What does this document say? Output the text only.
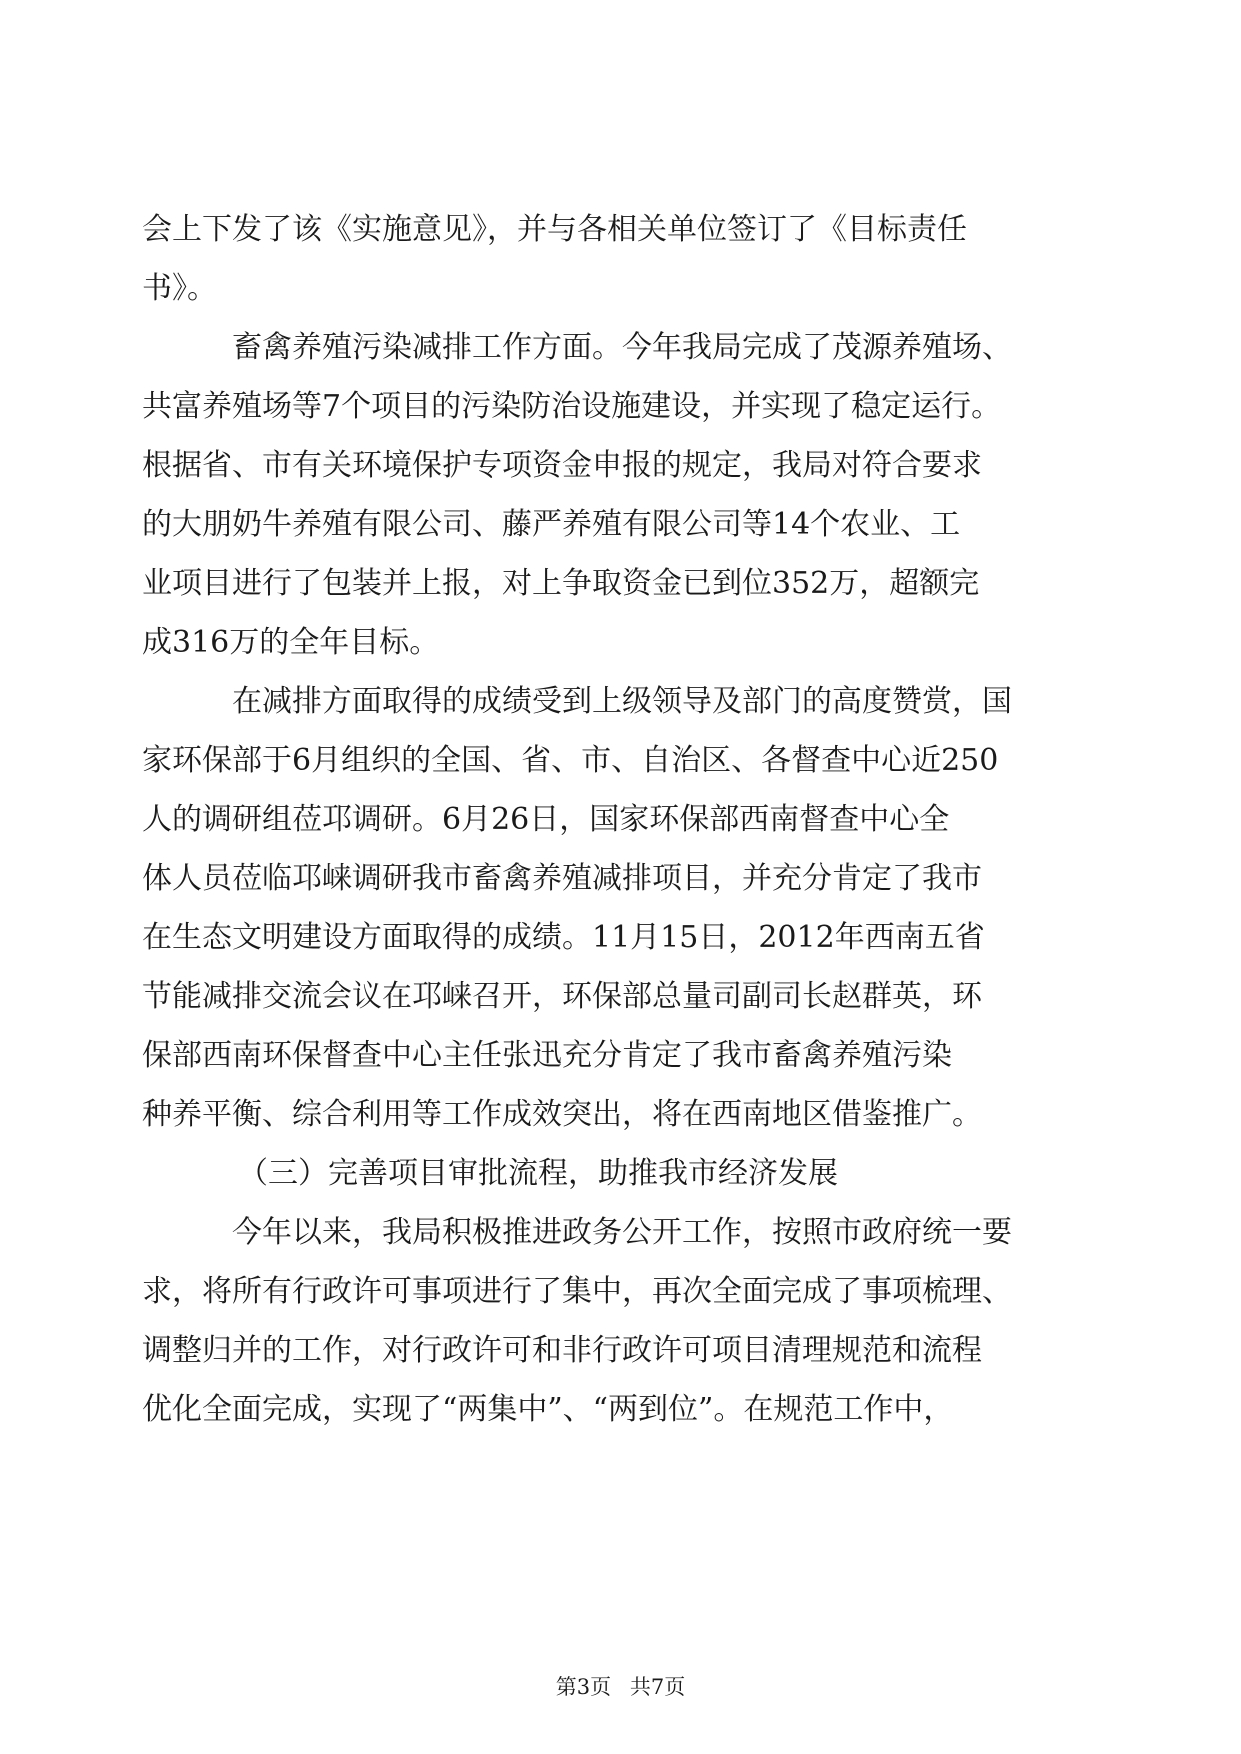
会上下发了该《实施意见》，并与各相关单位签订了《目标责任
书》。
畜禽养殖污染减排工作方面。今年我局完成了茂源养殖场、
共富养殖场等7个项目的污染防治设施建设，并实现了稳定运行。
根据省、市有关环境保护专项资金申报的规定，我局对符合要求
的大朋奶牛养殖有限公司、藤严养殖有限公司等14个农业、工
业项目进行了包装并上报，对上争取资金已到位352万，超额完
成316万的全年目标。
在减排方面取得的成绩受到上级领导及部门的高度赞赏，国
家环保部于6月组织的全国、省、市、自治区、各督查中心近250
人的调研组莅邛调研。6月26日，国家环保部西南督查中心全
体人员莅临邛崃调研我市畜禽养殖减排项目，并充分肯定了我市
在生态文明建设方面取得的成绩。11月15日，2012年西南五省
节能减排交流会议在邛崃召开，环保部总量司副司长赵群英，环
保部西南环保督查中心主任张迅充分肯定了我市畜禽养殖污染
种养平衡、综合利用等工作成效突出，将在西南地区借鉴推广。
（三）完善项目审批流程，助推我市经济发展
今年以来，我局积极推进政务公开工作，按照市政府统一要
求，将所有行政许可事项进行了集中，再次全面完成了事项梳理、
调整归并的工作，对行政许可和非行政许可项目清理规范和流程
优化全面完成，实现了“两集中”、“两到位”。在规范工作中，
第3页 共7页
